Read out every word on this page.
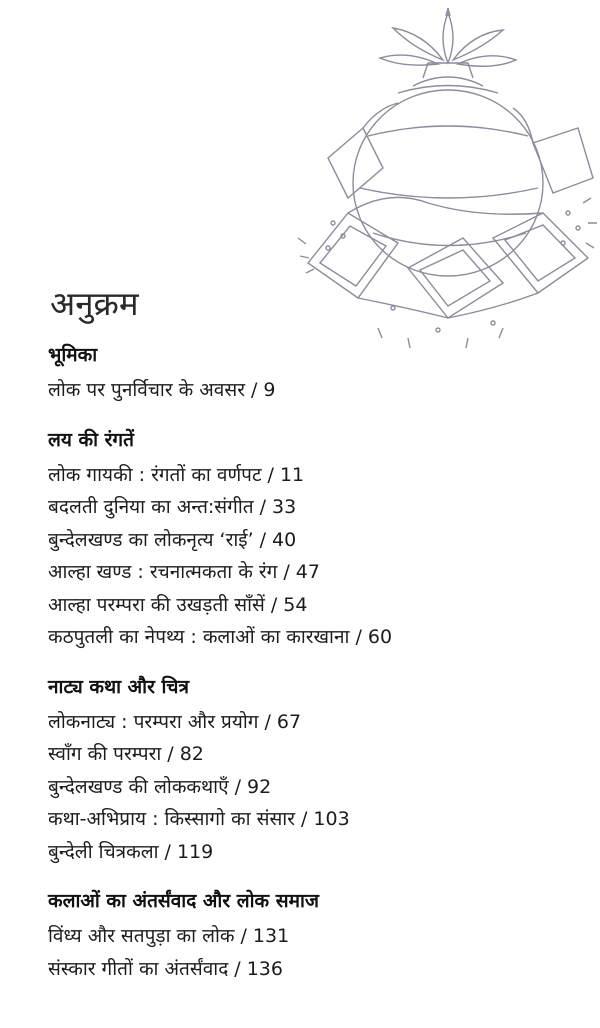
अनुक्रम
भूमिका
लोक पर पुनर्विचार के अवसर / 9
लय की रंगतें
लोक गायकी : रंगतों का वर्णपट / 11
बदलती दुनिया का अन्त:संगीत / 33
बुन्देलखण्ड का लोकनृत्य ‘राई’ / 40
आल्हा खण्ड : रचनात्मकता के रंग / 47
आल्हा परम्परा की उखड़ती साँसें / 54
कठपुतली का नेपथ्य : कलाओं का कारखाना / 60
नाट्य कथा और चित्र
लोकनाट्य : परम्परा और प्रयोग / 67
स्वाँग की परम्परा / 82
बुन्देलखण्ड की लोककथाएँ / 92
कथा-अभिप्राय : किस्सागो का संसार / 103
बुन्देली चित्रकला / 119
कलाओं का अंतर्संवाद और लोक समाज
विंध्य और सतपुड़ा का लोक / 131
संस्कार गीतों का अंतर्संवाद / 136
